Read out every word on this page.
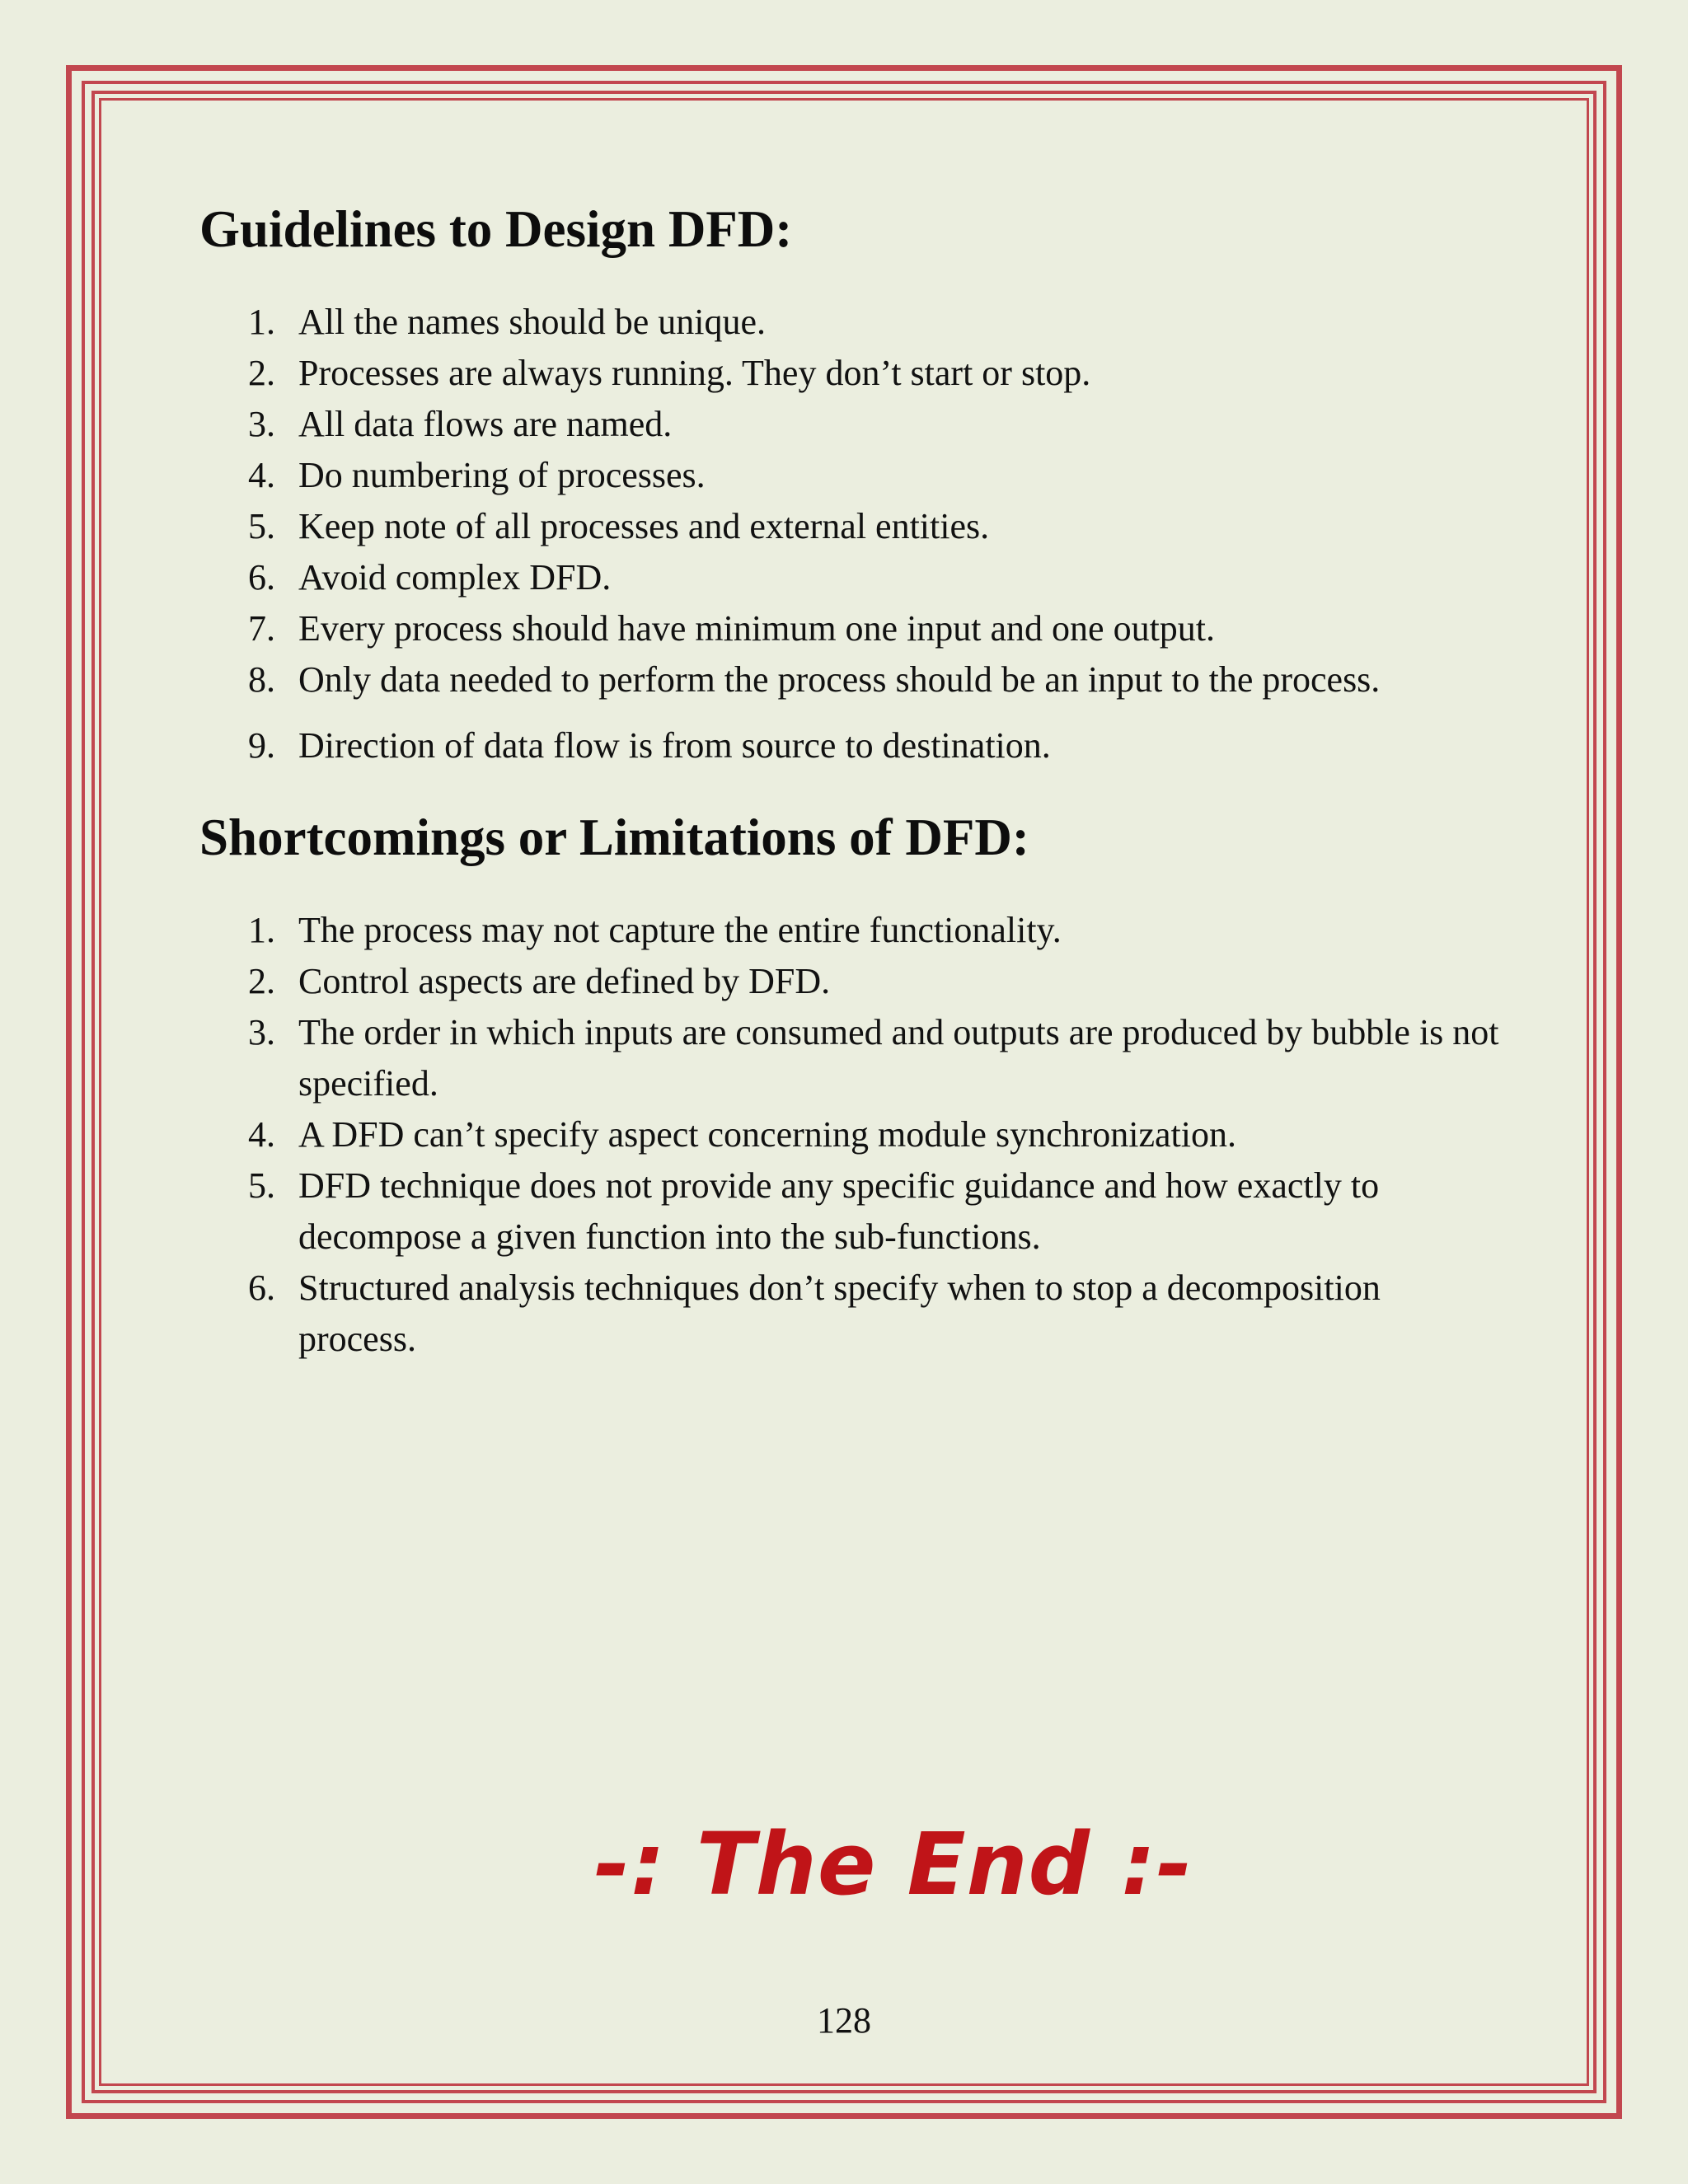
Guidelines to Design DFD:
1. All the names should be unique.
2. Processes are always running. They don’t start or stop.
3. All data flows are named.
4. Do numbering of processes.
5. Keep note of all processes and external entities.
6. Avoid complex DFD.
7. Every process should have minimum one input and one output.
8. Only data needed to perform the process should be an input to the process.
9. Direction of data flow is from source to destination.
Shortcomings or Limitations of DFD:
1. The process may not capture the entire functionality.
2. Control aspects are defined by DFD.
3. The order in which inputs are consumed and outputs are produced by bubble is not specified.
4. A DFD can’t specify aspect concerning module synchronization.
5. DFD technique does not provide any specific guidance and how exactly to decompose a given function into the sub-functions.
6. Structured analysis techniques don’t specify when to stop a decomposition process.
-: The End :-
128
